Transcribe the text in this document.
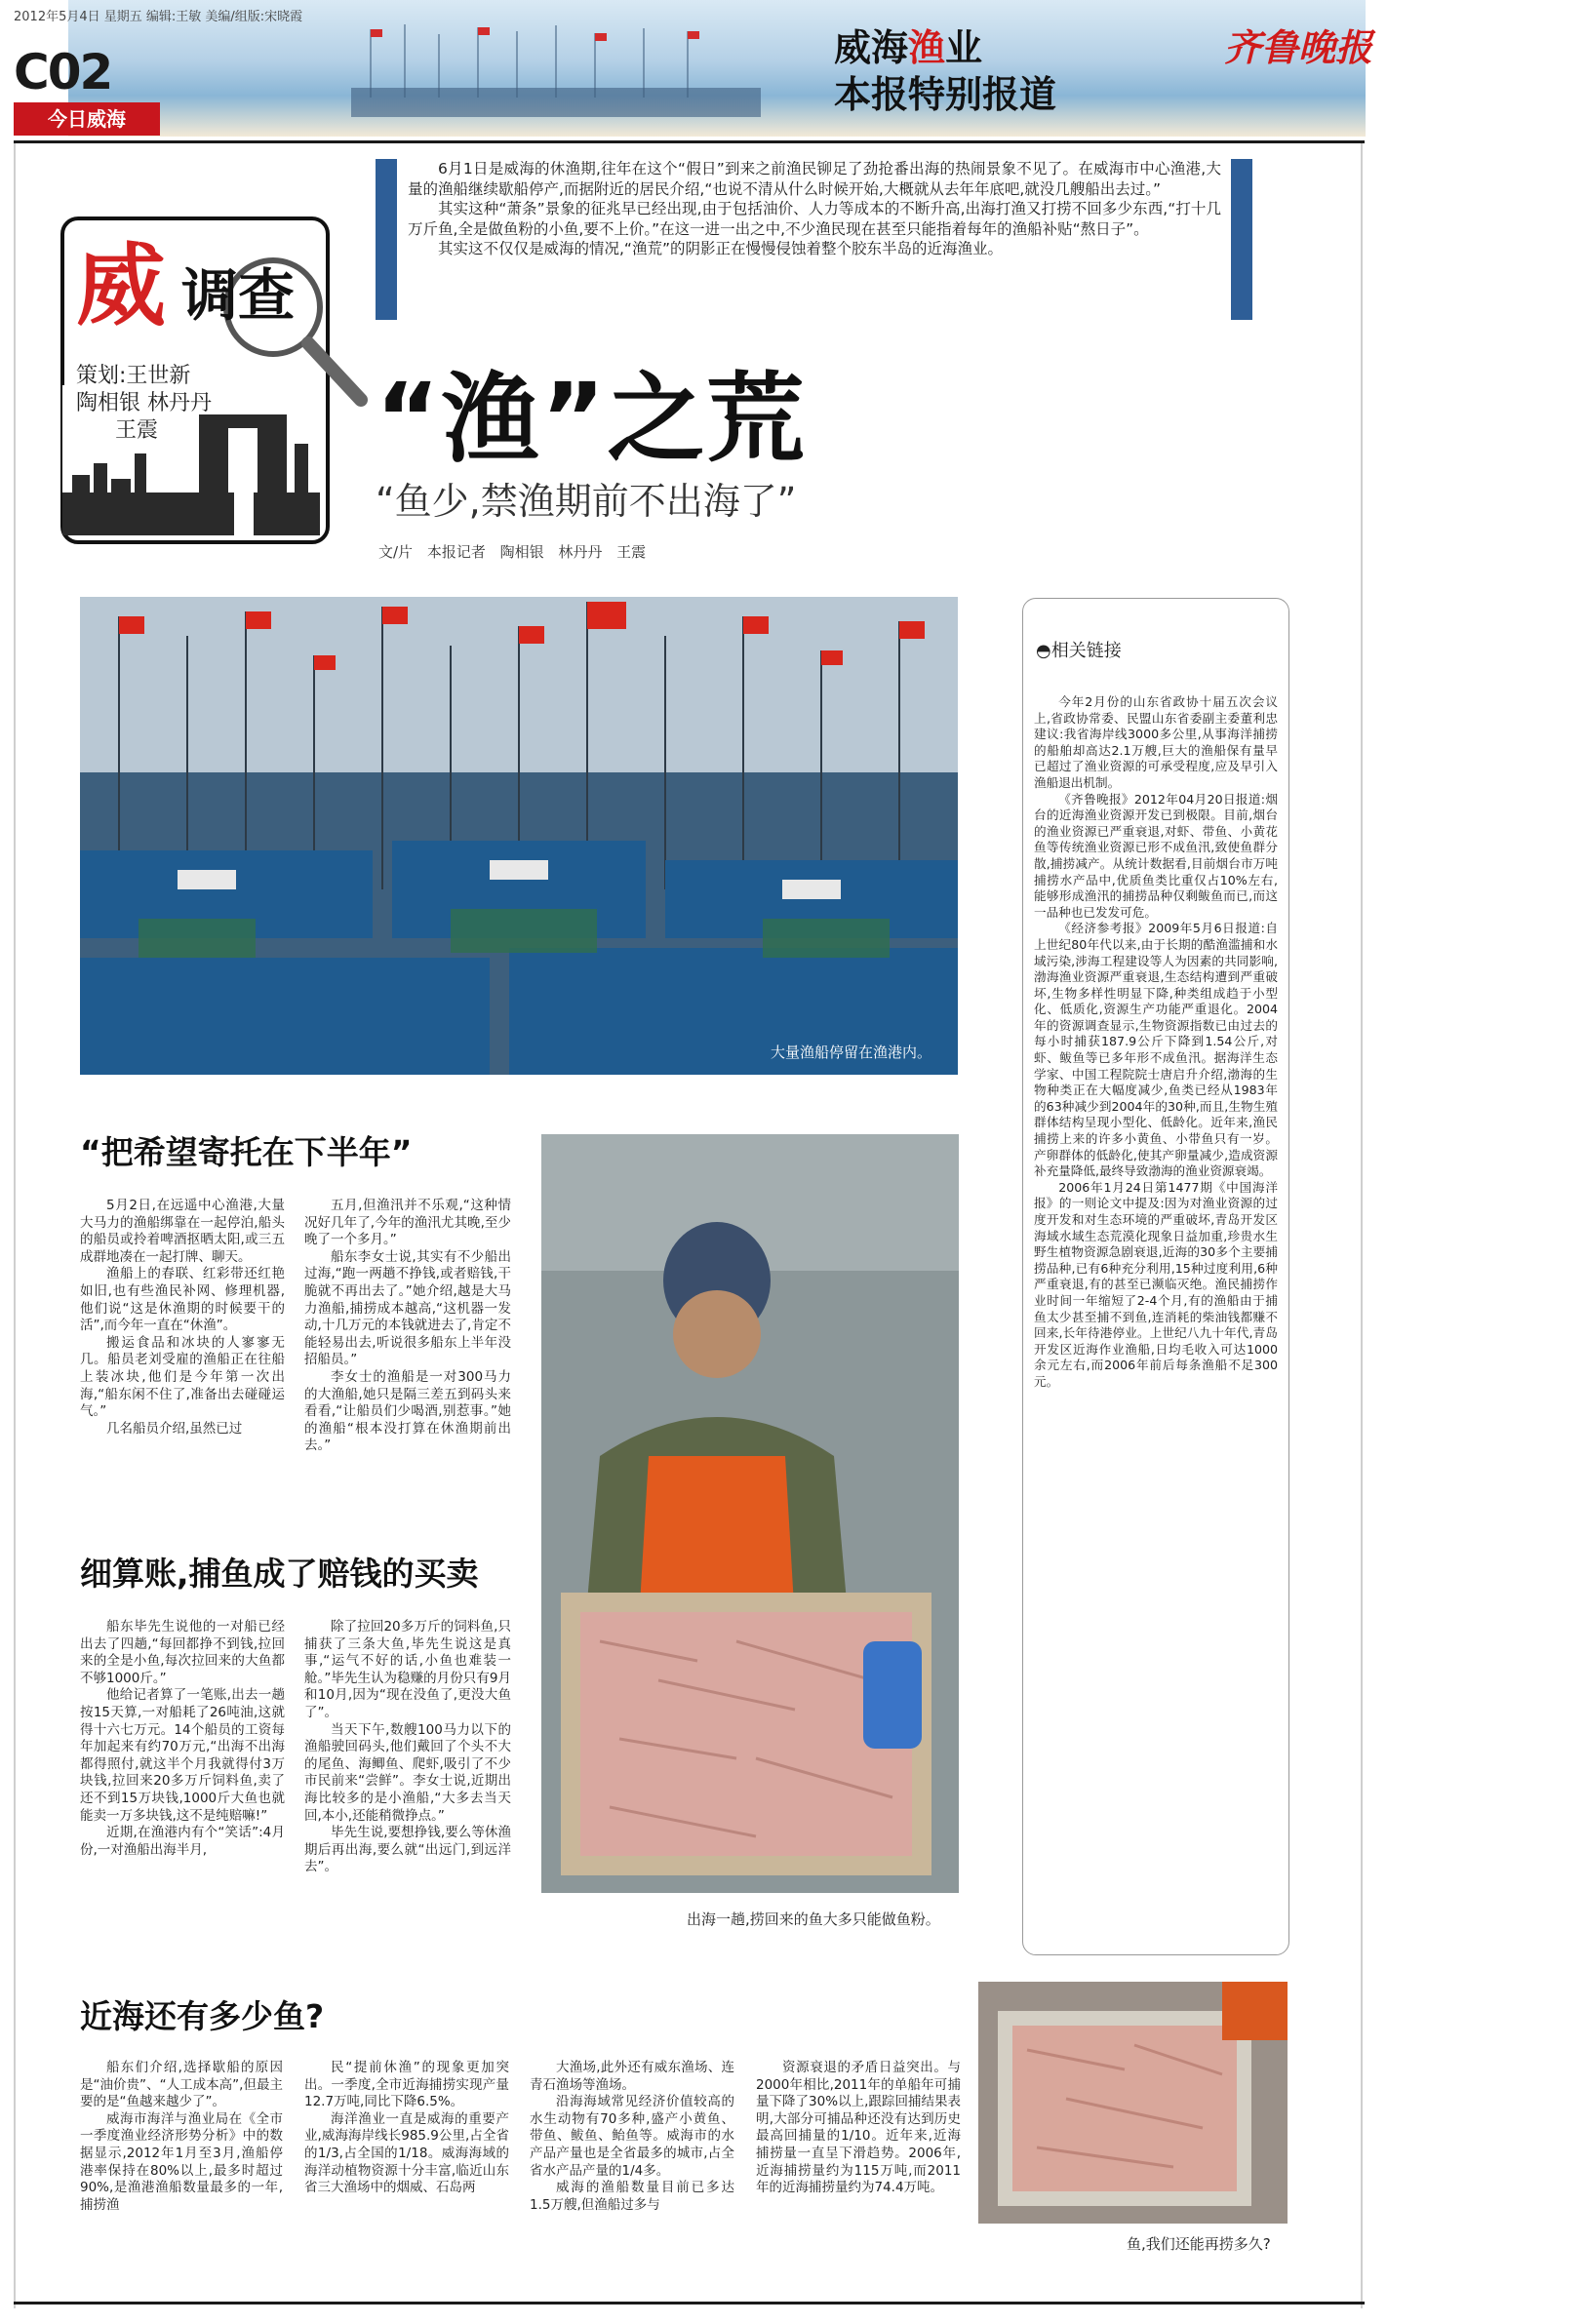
2012年5月4日 星期五 编辑:王敏 美编/组版:宋晓霞
C02
今日威海
威海渔业
本报特别报道
齐鲁晚报

6月1日是威海的休渔期,往年在这个“假日”到来之前渔民铆足了劲抢番出海的热闹景象不见了。在威海市中心渔港,大量的渔船继续歇船停产,而据附近的居民介绍,“也说不清从什么时候开始,大概就从去年年底吧,就没几艘船出去过。”

其实这种“萧条”景象的征兆早已经出现,由于包括油价、人力等成本的不断升高,出海打渔又打捞不回多少东西,“打十几万斤鱼,全是做鱼粉的小鱼,要不上价。”在这一进一出之中,不少渔民现在甚至只能指着每年的渔船补贴“熬日子”。

其实这不仅仅是威海的情况,“渔荒”的阴影正在慢慢侵蚀着整个胶东半岛的近海渔业。

威 调查
策划:王世新
陶相银 林丹丹
王震	“渔”之荒
“鱼少,禁渔期前不出海了”
文/片 本报记者 陶相银 林丹丹 王震
大量渔船停留在渔港内。
◓相关链接

今年2月份的山东省政协十届五次会议上,省政协常委、民盟山东省委副主委董利忠建议:我省海岸线3000多公里,从事海洋捕捞的船舶却高达2.1万艘,巨大的渔船保有量早已超过了渔业资源的可承受程度,应及早引入渔船退出机制。

《齐鲁晚报》2012年04月20日报道:烟台的近海渔业资源开发已到极限。目前,烟台的渔业资源已严重衰退,对虾、带鱼、小黄花鱼等传统渔业资源已形不成鱼汛,致使鱼群分散,捕捞减产。从统计数据看,目前烟台市万吨捕捞水产品中,优质鱼类比重仅占10%左右,能够形成渔汛的捕捞品种仅剩鲅鱼而已,而这一品种也已发发可危。

《经济参考报》2009年5月6日报道:自上世纪80年代以来,由于长期的酷渔滥捕和水域污染,涉海工程建设等人为因素的共同影响,渤海渔业资源严重衰退,生态结构遭到严重破坏,生物多样性明显下降,种类组成趋于小型化、低质化,资源生产功能严重退化。2004年的资源调查显示,生物资源指数已由过去的每小时捕获187.9公斤下降到1.54公斤,对虾、鲅鱼等已多年形不成鱼汛。据海洋生态学家、中国工程院院士唐启升介绍,渤海的生物种类正在大幅度减少,鱼类已经从1983年的63种减少到2004年的30种,而且,生物生殖群体结构呈现小型化、低龄化。近年来,渔民捕捞上来的许多小黄鱼、小带鱼只有一岁。产卵群体的低龄化,使其产卵量减少,造成资源补充量降低,最终导致渤海的渔业资源衰竭。

2006年1月24日第1477期《中国海洋报》的一则论文中提及:因为对渔业资源的过度开发和对生态环境的严重破坏,青岛开发区海域水域生态荒漠化现象日益加重,珍贵水生野生植物资源急剧衰退,近海的30多个主要捕捞品种,已有6种充分利用,15种过度利用,6种严重衰退,有的甚至已濒临灭绝。渔民捕捞作业时间一年缩短了2-4个月,有的渔船由于捕鱼太少甚至捕不到鱼,连消耗的柴油钱都赚不回来,长年待港停业。上世纪八九十年代,青岛开发区近海作业渔船,日均毛收入可达1000余元左右,而2006年前后每条渔船不足300元。

“把希望寄托在下半年”

5月2日,在远遥中心渔港,大量大马力的渔船绑靠在一起停泊,船头的船员或拎着啤酒抠晒太阳,或三五成群地凑在一起打牌、聊天。

渔船上的春联、红彩带还红艳如旧,也有些渔民补网、修理机器,他们说“这是休渔期的时候要干的活”,而今年一直在“休渔”。

搬运食品和冰块的人寥寥无几。船员老刘受雇的渔船正在往船上装冰块,他们是今年第一次出海,“船东闲不住了,准备出去碰碰运气。”

几名船员介绍,虽然已过

五月,但渔汛并不乐观,“这种情况好几年了,今年的渔汛尤其晚,至少晚了一个多月。”

船东李女士说,其实有不少船出过海,“跑一两趟不挣钱,或者赔钱,干脆就不再出去了。”她介绍,越是大马力渔船,捕捞成本越高,“这机器一发动,十几万元的本钱就进去了,肯定不能轻易出去,听说很多船东上半年没招船员。”

李女士的渔船是一对300马力的大渔船,她只是隔三差五到码头来看看,“让船员们少喝酒,别惹事。”她的渔船“根本没打算在休渔期前出去。”

出海一趟,捞回来的鱼大多只能做鱼粉。
细算账,捕鱼成了赔钱的买卖

船东毕先生说他的一对船已经出去了四趟,“每回都挣不到钱,拉回来的全是小鱼,每次拉回来的大鱼都不够1000斤。”

他给记者算了一笔账,出去一趟按15天算,一对船耗了26吨油,这就得十六七万元。14个船员的工资每年加起来有约70万元,“出海不出海都得照付,就这半个月我就得付3万块钱,拉回来20多万斤饲料鱼,卖了还不到15万块钱,1000斤大鱼也就能卖一万多块钱,这不是纯赔嘛!”

近期,在渔港内有个“笑话”:4月份,一对渔船出海半月,

除了拉回20多万斤的饲料鱼,只捕获了三条大鱼,毕先生说这是真事,“运气不好的话,小鱼也难装一舱。”毕先生认为稳赚的月份只有9月和10月,因为“现在没鱼了,更没大鱼了”。

当天下午,数艘100马力以下的渔船驶回码头,他们戴回了个头不大的尾鱼、海鲫鱼、爬虾,吸引了不少市民前来“尝鲜”。李女士说,近期出海比较多的是小渔船,“大多去当天回,本小,还能稍微挣点。”

毕先生说,要想挣钱,要么等休渔期后再出海,要么就“出远门,到远洋去”。

近海还有多少鱼?

船东们介绍,选择歇船的原因是“油价贵”、“人工成本高”,但最主要的是“鱼越来越少了”。

威海市海洋与渔业局在《全市一季度渔业经济形势分析》中的数据显示,2012年1月至3月,渔船停港率保持在80%以上,最多时超过90%,是渔港渔船数量最多的一年,捕捞渔

民“提前休渔”的现象更加突出。一季度,全市近海捕捞实现产量12.7万吨,同比下降6.5%。

海洋渔业一直是威海的重要产业,威海海岸线长985.9公里,占全省的1/3,占全国的1/18。威海海域的海洋动植物资源十分丰富,临近山东省三大渔场中的烟威、石岛两

大渔场,此外还有威东渔场、连青石渔场等渔场。

沿海海域常见经济价值较高的水生动物有70多种,盛产小黄鱼、带鱼、鲅鱼、鲐鱼等。威海市的水产品产量也是全省最多的城市,占全省水产品产量的1/4多。

威海的渔船数量目前已多达1.5万艘,但渔船过多与

资源衰退的矛盾日益突出。与2000年相比,2011年的单船年可捕量下降了30%以上,跟踪回捕结果表明,大部分可捕品种还没有达到历史最高回捕量的1/10。近年来,近海捕捞量一直呈下滑趋势。2006年,近海捕捞量约为115万吨,而2011年的近海捕捞量约为74.4万吨。

鱼,我们还能再捞多久?
